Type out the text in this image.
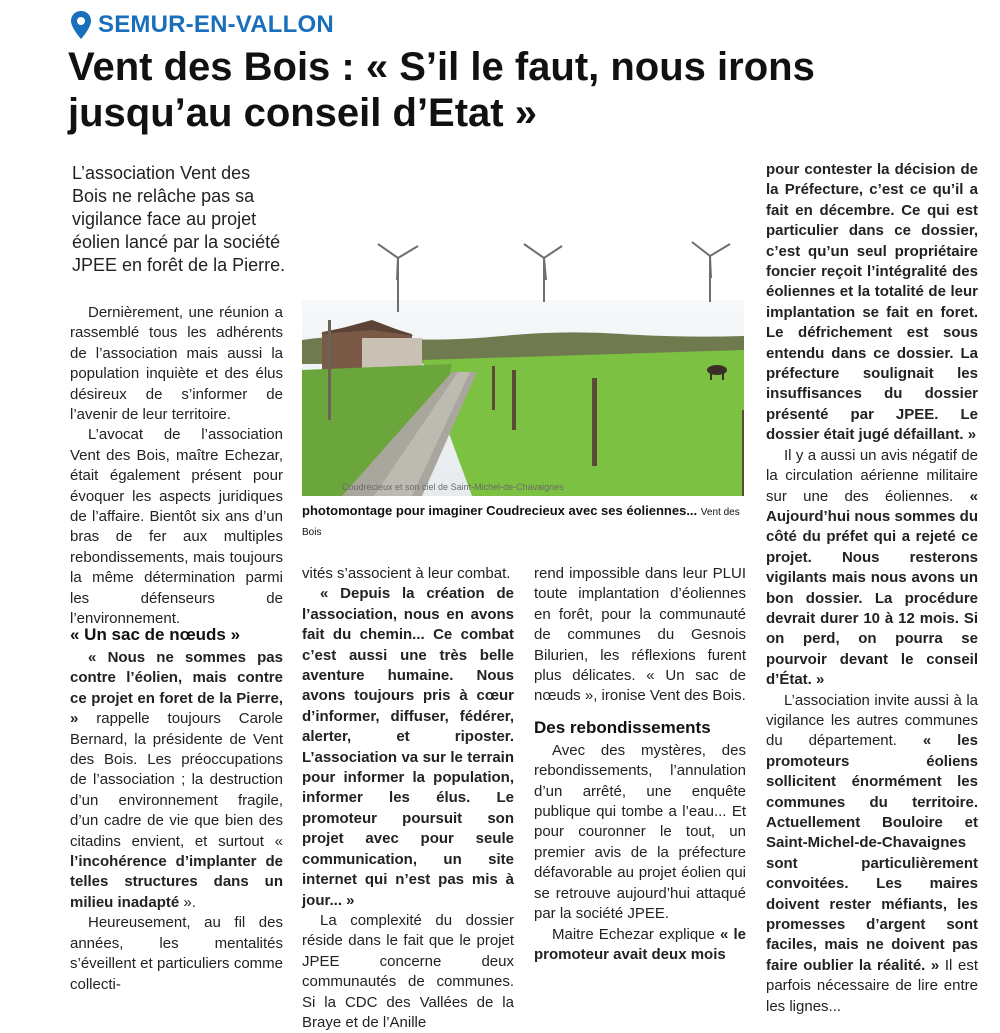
SEMUR-EN-VALLON
Vent des Bois : « S’il le faut, nous irons jusqu’au conseil d’Etat »
L’association Vent des Bois ne relâche pas sa vigilance face au projet éolien lancé par la société JPEE en forêt de la Pierre.
Coudrecieux et son ciel de Saint-Michel-de-Chavaignes
photomontage pour imaginer Coudrecieux avec ses éoliennes... Vent des Bois

Dernièrement, une réunion a rassemblé tous les adhérents de l’association mais aussi la population inquiète et des élus désireux de s’informer de l’avenir de leur territoire.

L’avocat de l’association Vent des Bois, maître Echezar, était également présent pour évoquer les aspects juridiques de l’affaire. Bientôt six ans d’un bras de fer aux multiples rebondissements, mais toujours la même détermination parmi les défenseurs de l’environnement.

« Un sac de nœuds »

« Nous ne sommes pas contre l’éolien, mais contre ce projet en foret de la Pierre, » rappelle toujours Carole Bernard, la présidente de Vent des Bois. Les préoccupations de l’association ; la destruction d’un environnement fragile, d’un cadre de vie que bien des citadins envient, et surtout « l’incohérence d’implanter de telles structures dans un milieu inadapté ».

Heureusement, au fil des années, les mentalités s’éveillent et particuliers comme collecti-

vités s’associent à leur combat.

« Depuis la création de l’association, nous en avons fait du chemin... Ce combat c’est aussi une très belle aventure humaine. Nous avons toujours pris à cœur d’informer, diffuser, fédérer, alerter, et riposter. L’association va sur le terrain pour informer la population, informer les élus. Le promoteur poursuit son projet avec pour seule communication, un site internet qui n’est pas mis à jour... »

La complexité du dossier réside dans le fait que le projet JPEE concerne deux communautés de communes. Si la CDC des Vallées de la Braye et de l’Anille

rend impossible dans leur PLUI toute implantation d’éoliennes en forêt, pour la communauté de communes du Gesnois Bilurien, les réflexions furent plus délicates. « Un sac de nœuds », ironise Vent des Bois.

Des rebondissements

Avec des mystères, des rebondissements, l’annulation d’un arrêté, une enquête publique qui tombe a l’eau... Et pour couronner le tout, un premier avis de la préfecture défavorable au projet éolien qui se retrouve aujourd’hui attaqué par la société JPEE.

Maitre Echezar explique « le promoteur avait deux mois

pour contester la décision de la Préfecture, c’est ce qu’il a fait en décembre. Ce qui est particulier dans ce dossier, c’est qu’un seul propriétaire foncier reçoit l’intégralité des éoliennes et la totalité de leur implantation se fait en foret. Le défrichement est sous entendu dans ce dossier. La préfecture soulignait les insuffisances du dossier présenté par JPEE. Le dossier était jugé défaillant. »

Il y a aussi un avis négatif de la circulation aérienne militaire sur une des éoliennes. « Aujourd’hui nous sommes du côté du préfet qui a rejeté ce projet. Nous resterons vigilants mais nous avons un bon dossier. La procédure devrait durer 10 à 12 mois. Si on perd, on pourra se pourvoir devant le conseil d’État. »

L’association invite aussi à la vigilance les autres communes du département. « les promoteurs éoliens sollicitent énormément les communes du territoire. Actuellement Bouloire et Saint-Michel-de-Chavaignes sont particulièrement convoitées. Les maires doivent rester méfiants, les promesses d’argent sont faciles, mais ne doivent pas faire oublier la réalité. » Il est parfois nécessaire de lire entre les lignes...
